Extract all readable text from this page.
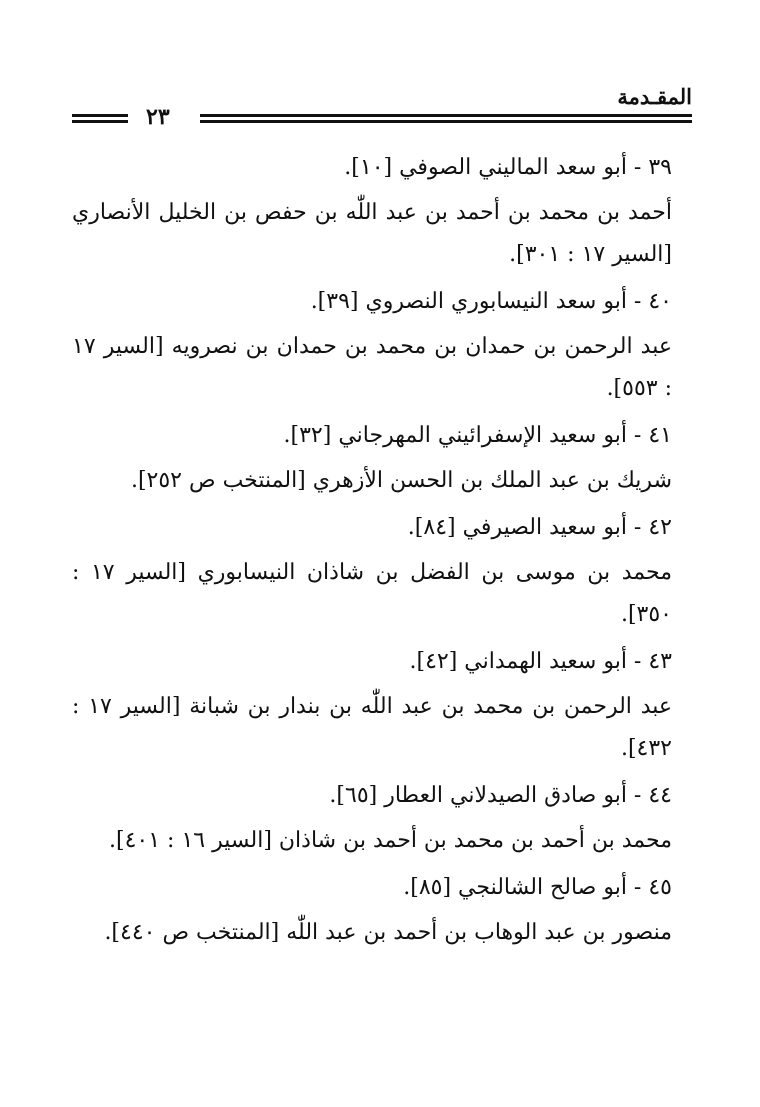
المقـدمة
٢٣
٣٩ - أبو سعد الماليني الصوفي [١٠].
أحمد بن محمد بن أحمد بن عبد اللّٰه بن حفص بن الخليل الأنصاري [السير ١٧ : ٣٠١].
٤٠ - أبو سعد النيسابوري النصروي [٣٩].
عبد الرحمن بن حمدان بن محمد بن حمدان بن نصرويه [السير ١٧ : ٥٥٣].
٤١ - أبو سعيد الإسفرائيني المهرجاني [٣٢].
شريك بن عبد الملك بن الحسن الأزهري [المنتخب ص ٢٥٢].
٤٢ - أبو سعيد الصيرفي [٨٤].
محمد بن موسى بن الفضل بن شاذان النيسابوري [السير ١٧ : ٣٥٠].
٤٣ - أبو سعيد الهمداني [٤٢].
عبد الرحمن بن محمد بن عبد اللّٰه بن بندار بن شبانة [السير ١٧ : ٤٣٢].
٤٤ - أبو صادق الصيدلاني العطار [٦٥].
محمد بن أحمد بن محمد بن أحمد بن شاذان [السير ١٦ : ٤٠١].
٤٥ - أبو صالح الشالنجي [٨٥].
منصور بن عبد الوهاب بن أحمد بن عبد اللّٰه [المنتخب ص ٤٤٠].
